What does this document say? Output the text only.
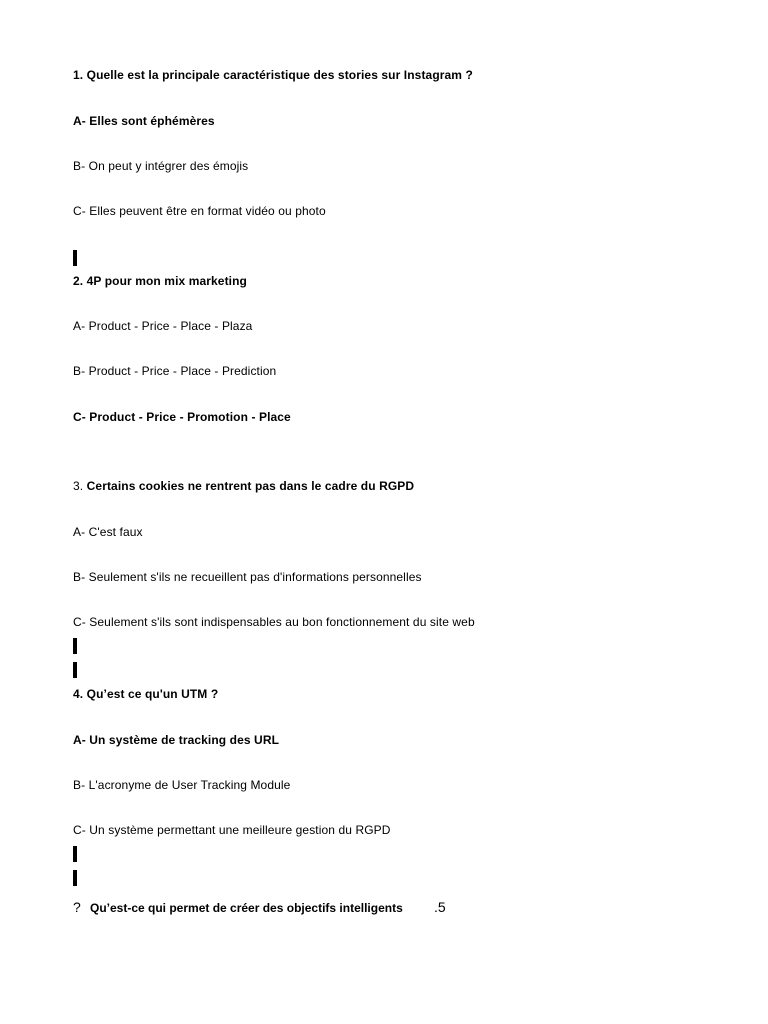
1. Quelle est la principale caractéristique des stories sur Instagram ?
A- Elles sont éphémères
B- On peut y intégrer des émojis
C- Elles peuvent être en format vidéo ou photo
2. 4P pour mon mix marketing
A- Product - Price - Place - Plaza
B- Product - Price - Place - Prediction
C- Product - Price - Promotion - Place
3. Certains cookies ne rentrent pas dans le cadre du RGPD
A- C'est faux
B- Seulement s'ils ne recueillent pas d'informations personnelles
C- Seulement s'ils sont indispensables au bon fonctionnement du site web
4. Qu’est ce qu'un UTM ?
A- Un système de tracking des URL
B- L'acronyme de User Tracking Module
C- Un système permettant une meilleure gestion du RGPD
? Qu’est-ce qui permet de créer des objectifs intelligents .5
